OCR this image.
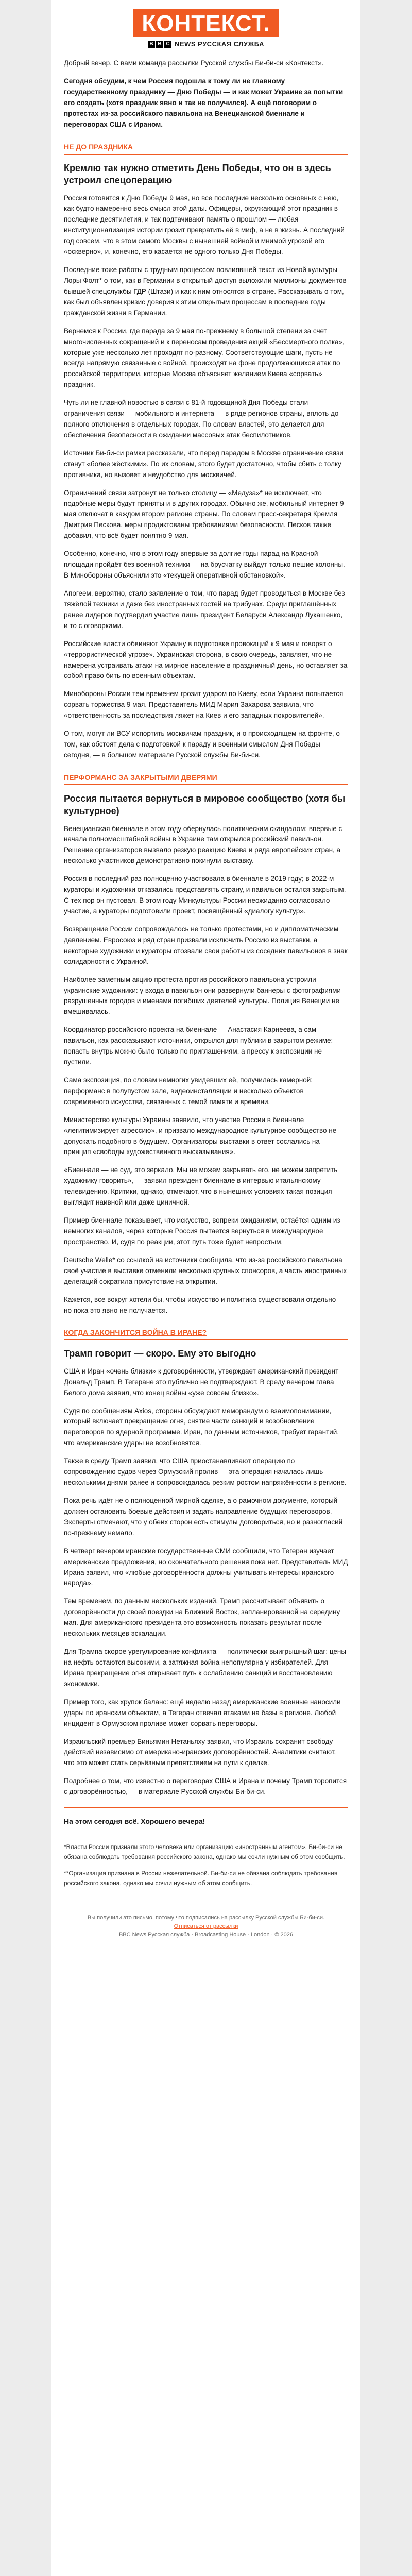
КОНТЕКСТ.
B B C NEWS РУССКАЯ СЛУЖБА

Добрый вечер. С вами команда рассылки Русской службы Би-би-си «Контекст».

Сегодня обсудим, к чем Россия подошла к тому ли не главному государственному празднику — Дню Победы — и как может Украине за попытки его создать (хотя праздник явно и так не получился). А ещё поговорим о протестах из-за российского павильона на Венецианской биеннале и переговорах США с Ираном.

НЕ ДО ПРАЗДНИКА
Кремлю так нужно отметить День Победы, что он в здесь устроил спецоперацию

Россия готовится к Дню Победы 9 мая, но все последние несколько основных с нею, как будто намеренно весь смысл этой даты. Офицеры, окружающий этот праздник в последние десятилетия, и так подтачивают память о прошлом — любая институционализация истории грозит превратить её в миф, а не в жизнь. А последний год совсем, что в этом самого Москвы с нынешней войной и мнимой угрозой его «оскверно», и, конечно, его касается не одного только Дня Победы.

Последние тоже работы с трудным процессом повлиявшей текст из Новой культуры Лоры Фолт* о том, как в Германии в открытый доступ выложили миллионы документов бывшей спецслужбы ГДР (Штази) и как к ним относятся в стране. Рассказывать о том, как был объявлен кризис доверия к этим открытым процессам в последние годы гражданской жизни в Германии.

Вернемся к России, где парада за 9 мая по-прежнему в большой степени за счет многочисленных сокращений и к переносам проведения акций «Бессмертного полка», которые уже несколько лет проходят по-разному. Соответствующие шаги, пусть не всегда напрямую связанные с войной, происходят на фоне продолжающихся атак по российской территории, которые Москва объясняет желанием Киева «сорвать» праздник.

Чуть ли не главной новостью в связи с 81-й годовщиной Дня Победы стали ограничения связи — мобильного и интернета — в ряде регионов страны, вплоть до полного отключения в отдельных городах. По словам властей, это делается для обеспечения безопасности в ожидании массовых атак беспилотников.

Источник Би-би-си рамки рассказали, что перед парадом в Москве ограничение связи станут «более жёсткими». По их словам, этого будет достаточно, чтобы сбить с толку противника, но вызовет и неудобство для москвичей.

Ограничений связи затронут не только столицу — «Медуза»* не исключает, что подобные меры будут приняты и в других городах. Обычно же, мобильный интернет 9 мая отключат в каждом втором регионе страны. По словам пресс-секретаря Кремля Дмитрия Пескова, меры продиктованы требованиями безопасности. Песков также добавил, что всё будет понятно 9 мая.

Особенно, конечно, что в этом году впервые за долгие годы парад на Красной площади пройдёт без военной техники — на брусчатку выйдут только пешие колонны. В Минобороны объяснили это «текущей оперативной обстановкой».

Апогеем, вероятно, стало заявление о том, что парад будет проводиться в Москве без тяжёлой техники и даже без иностранных гостей на трибунах. Среди приглашённых ранее лидеров подтвердил участие лишь президент Беларуси Александр Лукашенко, и то с оговорками.

Российские власти обвиняют Украину в подготовке провокаций к 9 мая и говорят о «террористической угрозе». Украинская сторона, в свою очередь, заявляет, что не намерена устраивать атаки на мирное население в праздничный день, но оставляет за собой право бить по военным объектам.

Минобороны России тем временем грозит ударом по Киеву, если Украина попытается сорвать торжества 9 мая. Представитель МИД Мария Захарова заявила, что «ответственность за последствия ляжет на Киев и его западных покровителей».

О том, могут ли ВСУ испортить москвичам праздник, и о происходящем на фронте, о том, как обстоят дела с подготовкой к параду и военным смыслом Дня Победы сегодня, — в большом материале Русской службы Би-би-си.

ПЕРФОРМАНС ЗА ЗАКРЫТЫМИ ДВЕРЯМИ
Россия пытается вернуться в мировое сообщество (хотя бы культурное)

Венецианская биеннале в этом году обернулась политическим скандалом: впервые с начала полномасштабной войны в Украине там открылся российский павильон. Решение организаторов вызвало резкую реакцию Киева и ряда европейских стран, а несколько участников демонстративно покинули выставку.

Россия в последний раз полноценно участвовала в биеннале в 2019 году; в 2022-м кураторы и художники отказались представлять страну, и павильон остался закрытым. С тех пор он пустовал. В этом году Минкультуры России неожиданно согласовало участие, а кураторы подготовили проект, посвящённый «диалогу культур».

Возвращение России сопровождалось не только протестами, но и дипломатическим давлением. Евросоюз и ряд стран призвали исключить Россию из выставки, а некоторые художники и кураторы отозвали свои работы из соседних павильонов в знак солидарности с Украиной.

Наиболее заметным акцию протеста против российского павильона устроили украинские художники: у входа в павильон они развернули баннеры с фотографиями разрушенных городов и именами погибших деятелей культуры. Полиция Венеции не вмешивалась.

Координатор российского проекта на биеннале — Анастасия Карнеева, а сам павильон, как рассказывают источники, открылся для публики в закрытом режиме: попасть внутрь можно было только по приглашениям, а прессу к экспозиции не пустили.

Сама экспозиция, по словам немногих увидевших её, получилась камерной: перформанс в полупустом зале, видеоинсталляции и несколько объектов современного искусства, связанных с темой памяти и времени.

Министерство культуры Украины заявило, что участие России в биеннале «легитимизирует агрессию», и призвало международное культурное сообщество не допускать подобного в будущем. Организаторы выставки в ответ сослались на принцип «свободы художественного высказывания».

«Биеннале — не суд, это зеркало. Мы не можем закрывать его, не можем запретить художнику говорить», — заявил президент биеннале в интервью итальянскому телевидению. Критики, однако, отмечают, что в нынешних условиях такая позиция выглядит наивной или даже циничной.

Пример биеннале показывает, что искусство, вопреки ожиданиям, остаётся одним из немногих каналов, через которые Россия пытается вернуться в международное пространство. И, судя по реакции, этот путь тоже будет непростым.

Deutsche Welle* со ссылкой на источники сообщила, что из-за российского павильона своё участие в выставке отменили несколько крупных спонсоров, а часть иностранных делегаций сократила присутствие на открытии.

Кажется, все вокруг хотели бы, чтобы искусство и политика существовали отдельно — но пока это явно не получается.

КОГДА ЗАКОНЧИТСЯ ВОЙНА В ИРАНЕ?
Трамп говорит — скоро. Ему это выгодно

США и Иран «очень близки» к договорённости, утверждает американский президент Дональд Трамп. В Тегеране это публично не подтверждают. В среду вечером глава Белого дома заявил, что конец войны «уже совсем близко».

Судя по сообщениям Axios, стороны обсуждают меморандум о взаимопонимании, который включает прекращение огня, снятие части санкций и возобновление переговоров по ядерной программе. Иран, по данным источников, требует гарантий, что американские удары не возобновятся.

Также в среду Трамп заявил, что США приостанавливают операцию по сопровождению судов через Ормузский пролив — эта операция началась лишь несколькими днями ранее и сопровождалась резким ростом напряжённости в регионе.

Пока речь идёт не о полноценной мирной сделке, а о рамочном документе, который должен остановить боевые действия и задать направление будущих переговоров. Эксперты отмечают, что у обеих сторон есть стимулы договориться, но и разногласий по-прежнему немало.

В четверг вечером иранские государственные СМИ сообщили, что Тегеран изучает американские предложения, но окончательного решения пока нет. Представитель МИД Ирана заявил, что «любые договорённости должны учитывать интересы иранского народа».

Тем временем, по данным нескольких изданий, Трамп рассчитывает объявить о договорённости до своей поездки на Ближний Восток, запланированной на середину мая. Для американского президента это возможность показать результат после нескольких месяцев эскалации.

Для Трампа скорое урегулирование конфликта — политически выигрышный шаг: цены на нефть остаются высокими, а затяжная война непопулярна у избирателей. Для Ирана прекращение огня открывает путь к ослаблению санкций и восстановлению экономики.

Пример того, как хрупок баланс: ещё неделю назад американские военные наносили удары по иранским объектам, а Тегеран отвечал атаками на базы в регионе. Любой инцидент в Ормузском проливе может сорвать переговоры.

Израильский премьер Биньямин Нетаньяху заявил, что Израиль сохранит свободу действий независимо от американо-иранских договорённостей. Аналитики считают, что это может стать серьёзным препятствием на пути к сделке.

Подробнее о том, что известно о переговорах США и Ирана и почему Трамп торопится с договорённостью, — в материале Русской службы Би-би-си.

На этом сегодня всё. Хорошего вечера!

*Власти России признали этого человека или организацию «иностранным агентом». Би-би-си не обязана соблюдать требования российского закона, однако мы сочли нужным об этом сообщить.

**Организация признана в России нежелательной. Би-би-си не обязана соблюдать требования российского закона, однако мы сочли нужным об этом сообщить.

Вы получили это письмо, потому что подписались на рассылку Русской службы Би-би-си.
Отписаться от рассылки
BBC News Русская служба · Broadcasting House · London · © 2026
